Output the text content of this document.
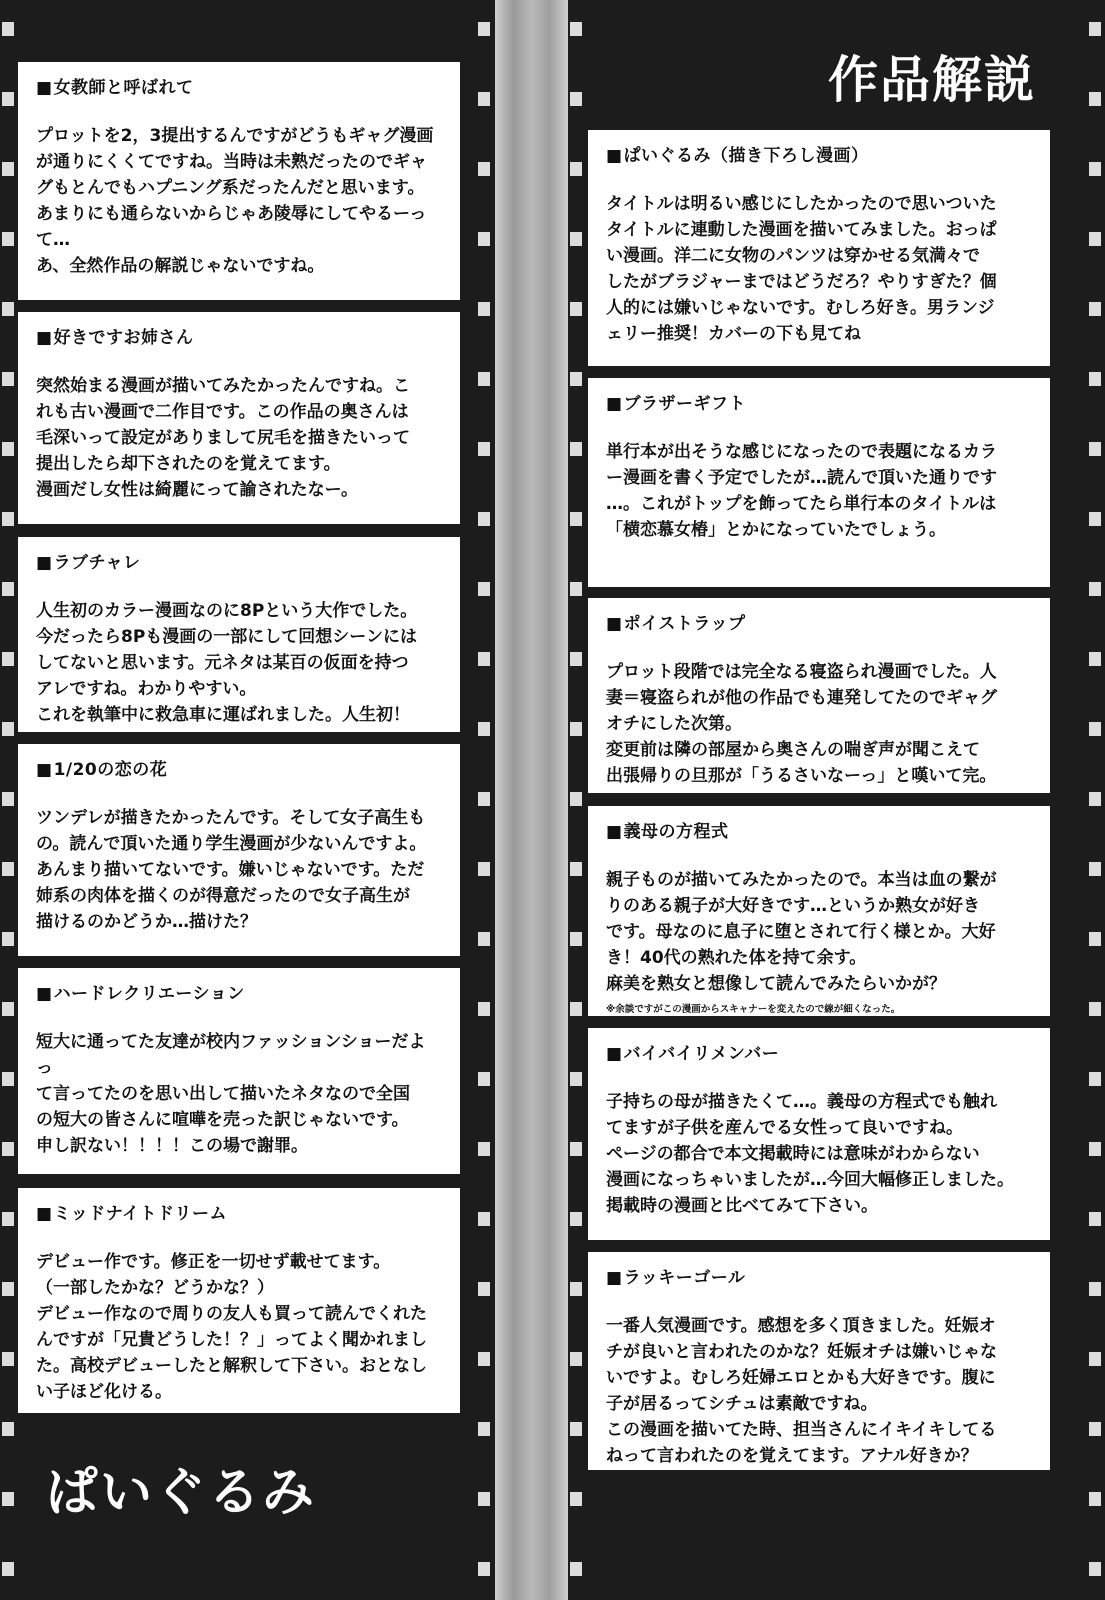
作品解説
ぱいぐるみ
■ 女教師と呼ばれて

プロットを2，3提出するんですがどうもギャグ漫画

が通りにくくてですね。当時は未熟だったのでギャ

グもとんでもハプニング系だったんだと思います。

あまりにも通らないからじゃあ陵辱にしてやるーっ

て…

あ、全然作品の解説じゃないですね。

■ 好きですお姉さん

突然始まる漫画が描いてみたかったんですね。こ

れも古い漫画で二作目です。この作品の奥さんは

毛深いって設定がありまして尻毛を描きたいって

提出したら却下されたのを覚えてます。

漫画だし女性は綺麗にって諭されたなー。

■ ラブチャレ

人生初のカラー漫画なのに8Pという大作でした。

今だったら8Pも漫画の一部にして回想シーンには

してないと思います。元ネタは某百の仮面を持つ

アレですね。わかりやすい。

これを執筆中に救急車に運ばれました。人生初！

■ 1/20の恋の花

ツンデレが描きたかったんです。そして女子高生も

の。読んで頂いた通り学生漫画が少ないんですよ。

あんまり描いてないです。嫌いじゃないです。ただ

姉系の肉体を描くのが得意だったので女子高生が

描けるのかどうか…描けた？

■ ハードレクリエーション

短大に通ってた友達が校内ファッションショーだよっ

て言ってたのを思い出して描いたネタなので全国

の短大の皆さんに喧嘩を売った訳じゃないです。

申し訳ない！！！！この場で謝罪。

■ ミッドナイトドリーム

デビュー作です。修正を一切せず載せてます。

（一部したかな？どうかな？）

デビュー作なので周りの友人も買って読んでくれた

んですが「兄貴どうした！？」ってよく聞かれまし

た。高校デビューしたと解釈して下さい。おとなし

い子ほど化ける。

■ ぱいぐるみ（描き下ろし漫画）

タイトルは明るい感じにしたかったので思いついた

タイトルに連動した漫画を描いてみました。おっぱ

い漫画。洋二に女物のパンツは穿かせる気満々で

したがブラジャーまではどうだろ？やりすぎた？個

人的には嫌いじゃないです。むしろ好き。男ランジ

ェリー推奨！カバーの下も見てね

■ ブラザーギフト

単行本が出そうな感じになったので表題になるカラ

ー漫画を書く予定でしたが…読んで頂いた通りです

…。これがトップを飾ってたら単行本のタイトルは

「横恋慕女椿」とかになっていたでしょう。

■ ポイストラップ

プロット段階では完全なる寝盗られ漫画でした。人

妻＝寝盗られが他の作品でも連発してたのでギャグ

オチにした次第。

変更前は隣の部屋から奥さんの喘ぎ声が聞こえて

出張帰りの旦那が「うるさいなーっ」と嘆いて完。

■ 義母の方程式

親子ものが描いてみたかったので。本当は血の繋が

りのある親子が大好きです…というか熟女が好き

です。母なのに息子に堕とされて行く様とか。大好

き！40代の熟れた体を持て余す。

麻美を熟女と想像して読んでみたらいかが？

※余談ですがこの漫画からスキャナーを変えたので線が細くなった。
■ バイバイリメンバー

子持ちの母が描きたくて…。義母の方程式でも触れ

てますが子供を産んでる女性って良いですね。

ページの都合で本文掲載時には意味がわからない

漫画になっちゃいましたが…今回大幅修正しました。

掲載時の漫画と比べてみて下さい。

■ ラッキーゴール

一番人気漫画です。感想を多く頂きました。妊娠オ

チが良いと言われたのかな？妊娠オチは嫌いじゃな

いですよ。むしろ妊婦エロとかも大好きです。腹に

子が居るってシチュは素敵ですね。

この漫画を描いてた時、担当さんにイキイキしてる

ねって言われたのを覚えてます。アナル好きか？
